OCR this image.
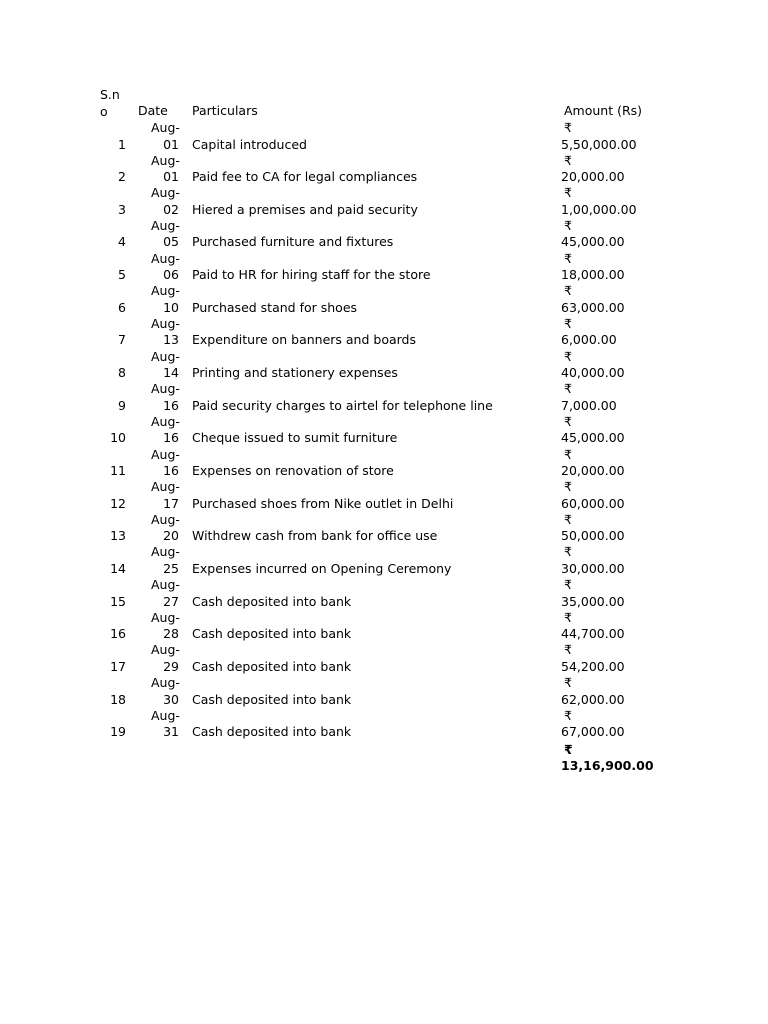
S.n
o	Date Particulars	Amount (Rs)
1
Aug-
01 Capital introduced
₹
5,50,000.00
2
Aug-
01 Paid fee to CA for legal compliances
₹
20,000.00
3
Aug-
02 Hiered a premises and paid security
₹
1,00,000.00
4
Aug-
05 Purchased furniture and fixtures
₹
45,000.00
5
Aug-
06 Paid to HR for hiring staff for the store
₹
18,000.00
6
Aug-
10 Purchased stand for shoes
₹
63,000.00
7
Aug-
13 Expenditure on banners and boards
₹
6,000.00
8
Aug-
14 Printing and stationery expenses
₹
40,000.00
9
Aug-
16 Paid security charges to airtel for telephone line
₹
7,000.00
10
Aug-
16 Cheque issued to sumit furniture
₹
45,000.00
11
Aug-
16 Expenses on renovation of store
₹
20,000.00
12
Aug-
17 Purchased shoes from Nike outlet in Delhi
₹
60,000.00
13
Aug-
20 Withdrew cash from bank for office use
₹
50,000.00
14
Aug-
25 Expenses incurred on Opening Ceremony
₹
30,000.00
15
Aug-
27 Cash deposited into bank
₹
35,000.00
16
Aug-
28 Cash deposited into bank
₹
44,700.00
17
Aug-
29 Cash deposited into bank
₹
54,200.00
18
Aug-
30 Cash deposited into bank
₹
62,000.00
19
Aug-
31 Cash deposited into bank
₹
67,000.00
₹
13,16,900.00
